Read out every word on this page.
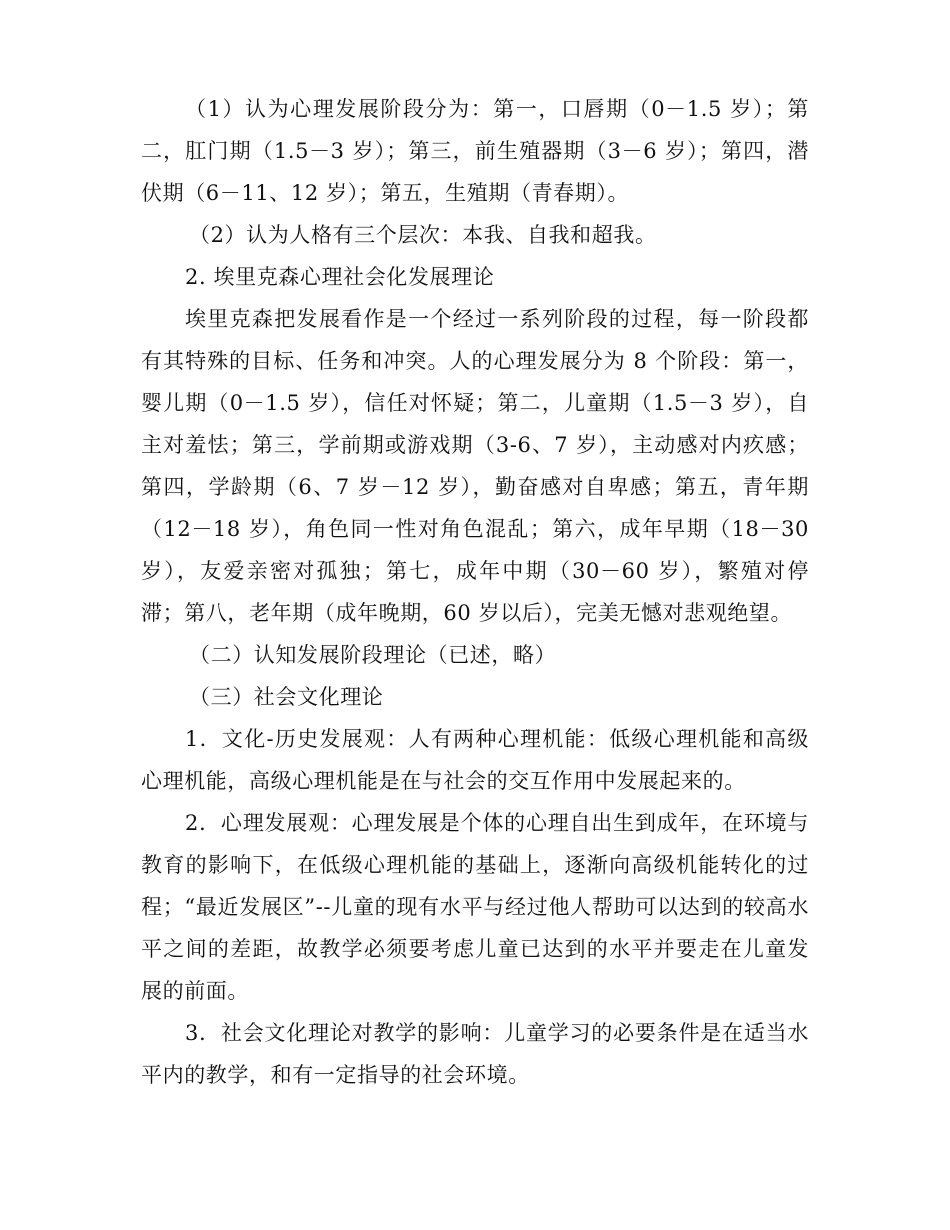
（1）认为心理发展阶段分为：第一，口唇期（0－1.5 岁）；第二，肛门期（1.5－3 岁）；第三，前生殖器期（3－6 岁）；第四，潜伏期（6－11、12 岁）；第五，生殖期（青春期）。

（2）认为人格有三个层次：本我、自我和超我。

2. 埃里克森心理社会化发展理论

埃里克森把发展看作是一个经过一系列阶段的过程，每一阶段都有其特殊的目标、任务和冲突。人的心理发展分为 8 个阶段：第一，婴儿期（0－1.5 岁），信任对怀疑；第二，儿童期（1.5－3 岁），自主对羞怯；第三，学前期或游戏期（3-6、7 岁），主动感对内疚感；第四，学龄期（6、7 岁－12 岁），勤奋感对自卑感；第五，青年期（12－18 岁），角色同一性对角色混乱；第六，成年早期（18－30 岁），友爱亲密对孤独；第七，成年中期（30－60 岁），繁殖对停滞；第八，老年期（成年晚期，60 岁以后），完美无憾对悲观绝望。

（二）认知发展阶段理论（已述，略）

（三）社会文化理论

1．文化-历史发展观：人有两种心理机能：低级心理机能和高级心理机能，高级心理机能是在与社会的交互作用中发展起来的。

2．心理发展观：心理发展是个体的心理自出生到成年，在环境与教育的影响下，在低级心理机能的基础上，逐渐向高级机能转化的过程；“最近发展区”--儿童的现有水平与经过他人帮助可以达到的较高水平之间的差距，故教学必须要考虑儿童已达到的水平并要走在儿童发展的前面。

3．社会文化理论对教学的影响：儿童学习的必要条件是在适当水平内的教学，和有一定指导的社会环境。
